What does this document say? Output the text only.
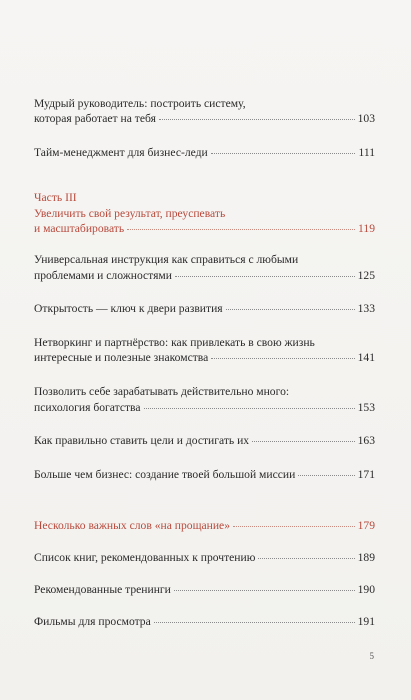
Мудрый руководитель: построить систему,
которая работает на тебя	103
Тайм-менеджмент для бизнес-леди	111
Часть III
Увеличить свой результат, преуспевать
и масштабировать	119
Универсальная инструкция как справиться с любыми
проблемами и сложностями	125
Открытость — ключ к двери развития	133
Нетворкинг и партнёрство: как привлекать в свою жизнь
интересные и полезные знакомства	141
Позволить себе зарабатывать действительно много:
психология богатства	153
Как правильно ставить цели и достигать их	163
Больше чем бизнес: создание твоей большой миссии	171
Несколько важных слов «на прощание»	179
Список книг, рекомендованных к прочтению	189
Рекомендованные тренинги	190
Фильмы для просмотра	191
5
